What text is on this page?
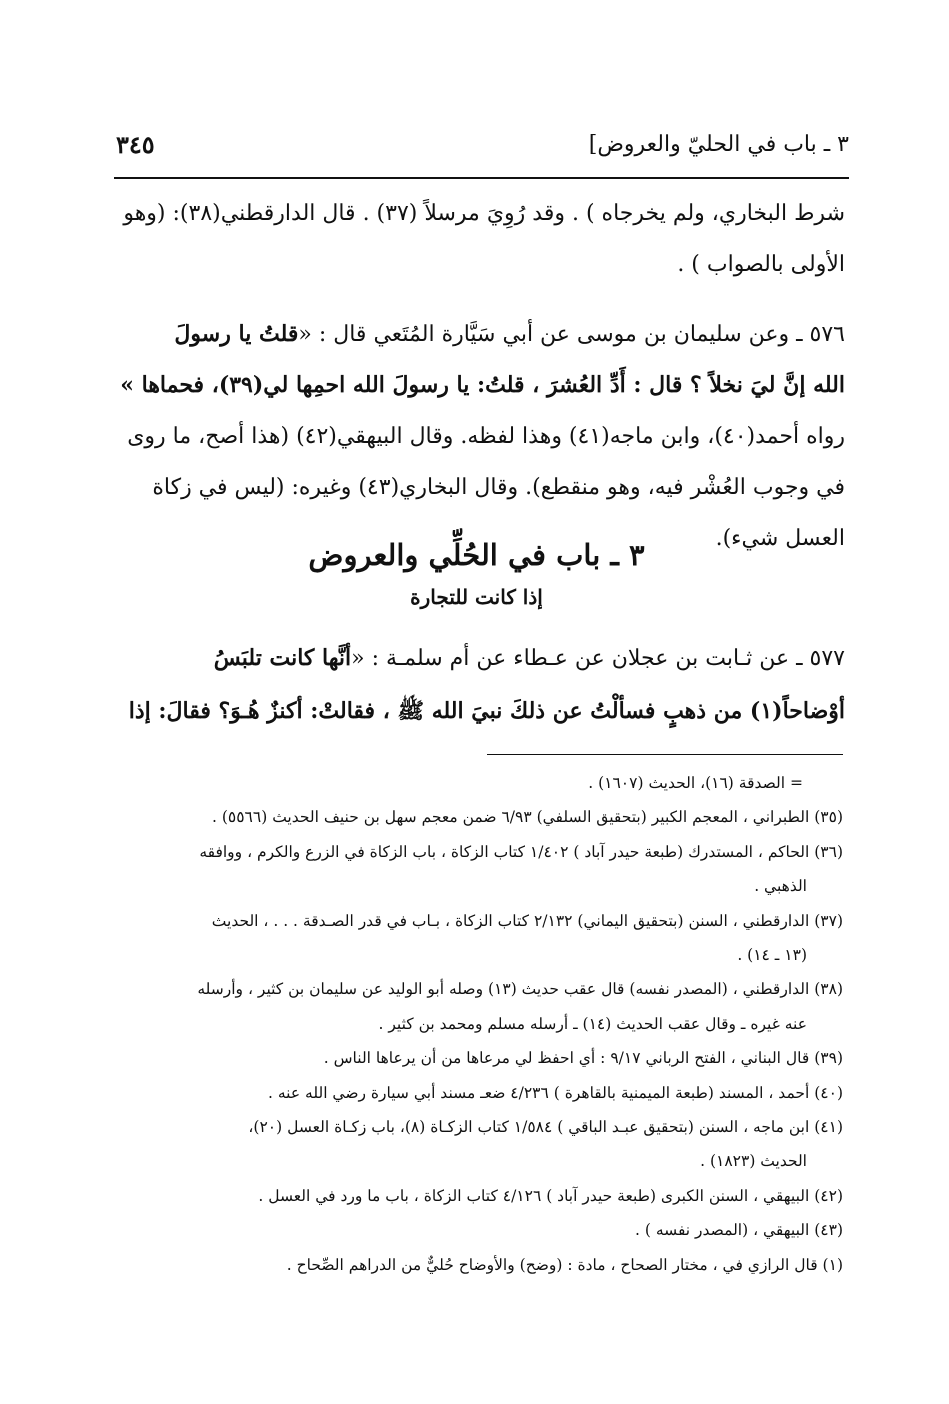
٣ ـ باب في الحليّ والعروض]
٣٤٥

شرط البخاري، ولم يخرجاه ) . وقد رُوِيَ مرسلاً (٣٧) . قال الدارقطني(٣٨): (وهو

الأولى بالصواب ) .

٥٧٦ ـ وعن سليمان بن موسى عن أبي سَيَّارة المُتَعي قال : «قلتُ يا رسولَ

الله إنَّ ليَ نخلاً ؟ قال : أَدِّ العُشرَ ، قلتُ: يا رسولَ الله احمِها لي(٣٩)، فحماها »

رواه أحمد(٤٠)، وابن ماجه(٤١) وهذا لفظه. وقال البيهقي(٤٢) (هذا أصح، ما روى

في وجوب العُشْر فيه، وهو منقطع). وقال البخاري(٤٣) وغيره: (ليس في زكاة

العسل شيء).

٣ ـ باب في الحُلِّي والعروض
إذا كانت للتجارة

٥٧٧ ـ عن ثـابت بن عجلان عن عـطاء عن أم سلمـة : «أنَّها كانت تلبَسُ

أوْضاحاً(١) من ذهبٍ فسألْتُ عن ذلكَ نبيَ الله ﷺ ، فقالتْ: أكنزٌ هُـوَ؟ فقالَ: إذا

= الصدقة (١٦)، الحديث (١٦٠٧) .

(٣٥) الطبراني ، المعجم الكبير (بتحقيق السلفي) ٦/٩٣ ضمن معجم سهل بن حنيف الحديث (٥٥٦٦) .

(٣٦) الحاكم ، المستدرك (طبعة حيدر آباد ) ١/٤٠٢ كتاب الزكاة ، باب الزكاة في الزرع والكرم ، ووافقه

الذهبي .

(٣٧) الدارقطني ، السنن (بتحقيق اليماني) ٢/١٣٢ كتاب الزكاة ، بـاب في قدر الصـدقة . . . ، الحديث

(١٣ ـ ١٤) .

(٣٨) الدارقطني ، (المصدر نفسه) قال عقب حديث (١٣) وصله أبو الوليد عن سليمان بن كثير ، وأرسله

عنه غيره ـ وقال عقب الحديث (١٤) ـ أرسله مسلم ومحمد بن كثير .

(٣٩) قال البناني ، الفتح الرباني ٩/١٧ : أي احفظ لي مرعاها من أن يرعاها الناس .

(٤٠) أحمد ، المسند (طبعة الميمنية بالقاهرة ) ٤/٢٣٦ ضعـ مسند أبي سيارة رضي الله عنه .

(٤١) ابن ماجه ، السنن (بتحقيق عبـد الباقي ) ١/٥٨٤ كتاب الزكـاة (٨)، باب زكـاة العسل (٢٠)،

الحديث (١٨٢٣) .

(٤٢) البيهقي ، السنن الكبرى (طبعة حيدر آباد ) ٤/١٢٦ كتاب الزكاة ، باب ما ورد في العسل .

(٤٣) البيهقي ، (المصدر نفسه ) .

(١) قال الرازي في ، مختار الصحاح ، مادة : (وضح) والأوضاح حُليٌّ من الدراهم الصِّحاح .
